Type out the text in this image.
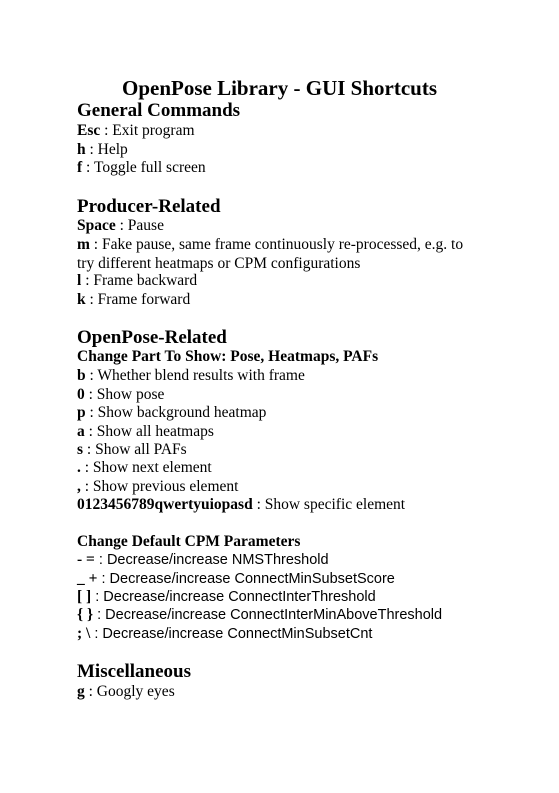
OpenPose Library - GUI Shortcuts
General Commands
Esc : Exit program
h : Help
f : Toggle full screen
Producer-Related
Space : Pause
m : Fake pause, same frame continuously re-processed, e.g. to try different heatmaps or CPM configurations
l : Frame backward
k : Frame forward
OpenPose-Related
Change Part To Show: Pose, Heatmaps, PAFs
b : Whether blend results with frame
0 : Show pose
p : Show background heatmap
a : Show all heatmaps
s : Show all PAFs
. : Show next element
, : Show previous element
0123456789qwertyuiopasd : Show specific element
Change Default CPM Parameters
- = : Decrease/increase NMSThreshold
_ + : Decrease/increase ConnectMinSubsetScore
[ ] : Decrease/increase ConnectInterThreshold
{ } : Decrease/increase ConnectInterMinAboveThreshold
; \ : Decrease/increase ConnectMinSubsetCnt
Miscellaneous
g : Googly eyes
